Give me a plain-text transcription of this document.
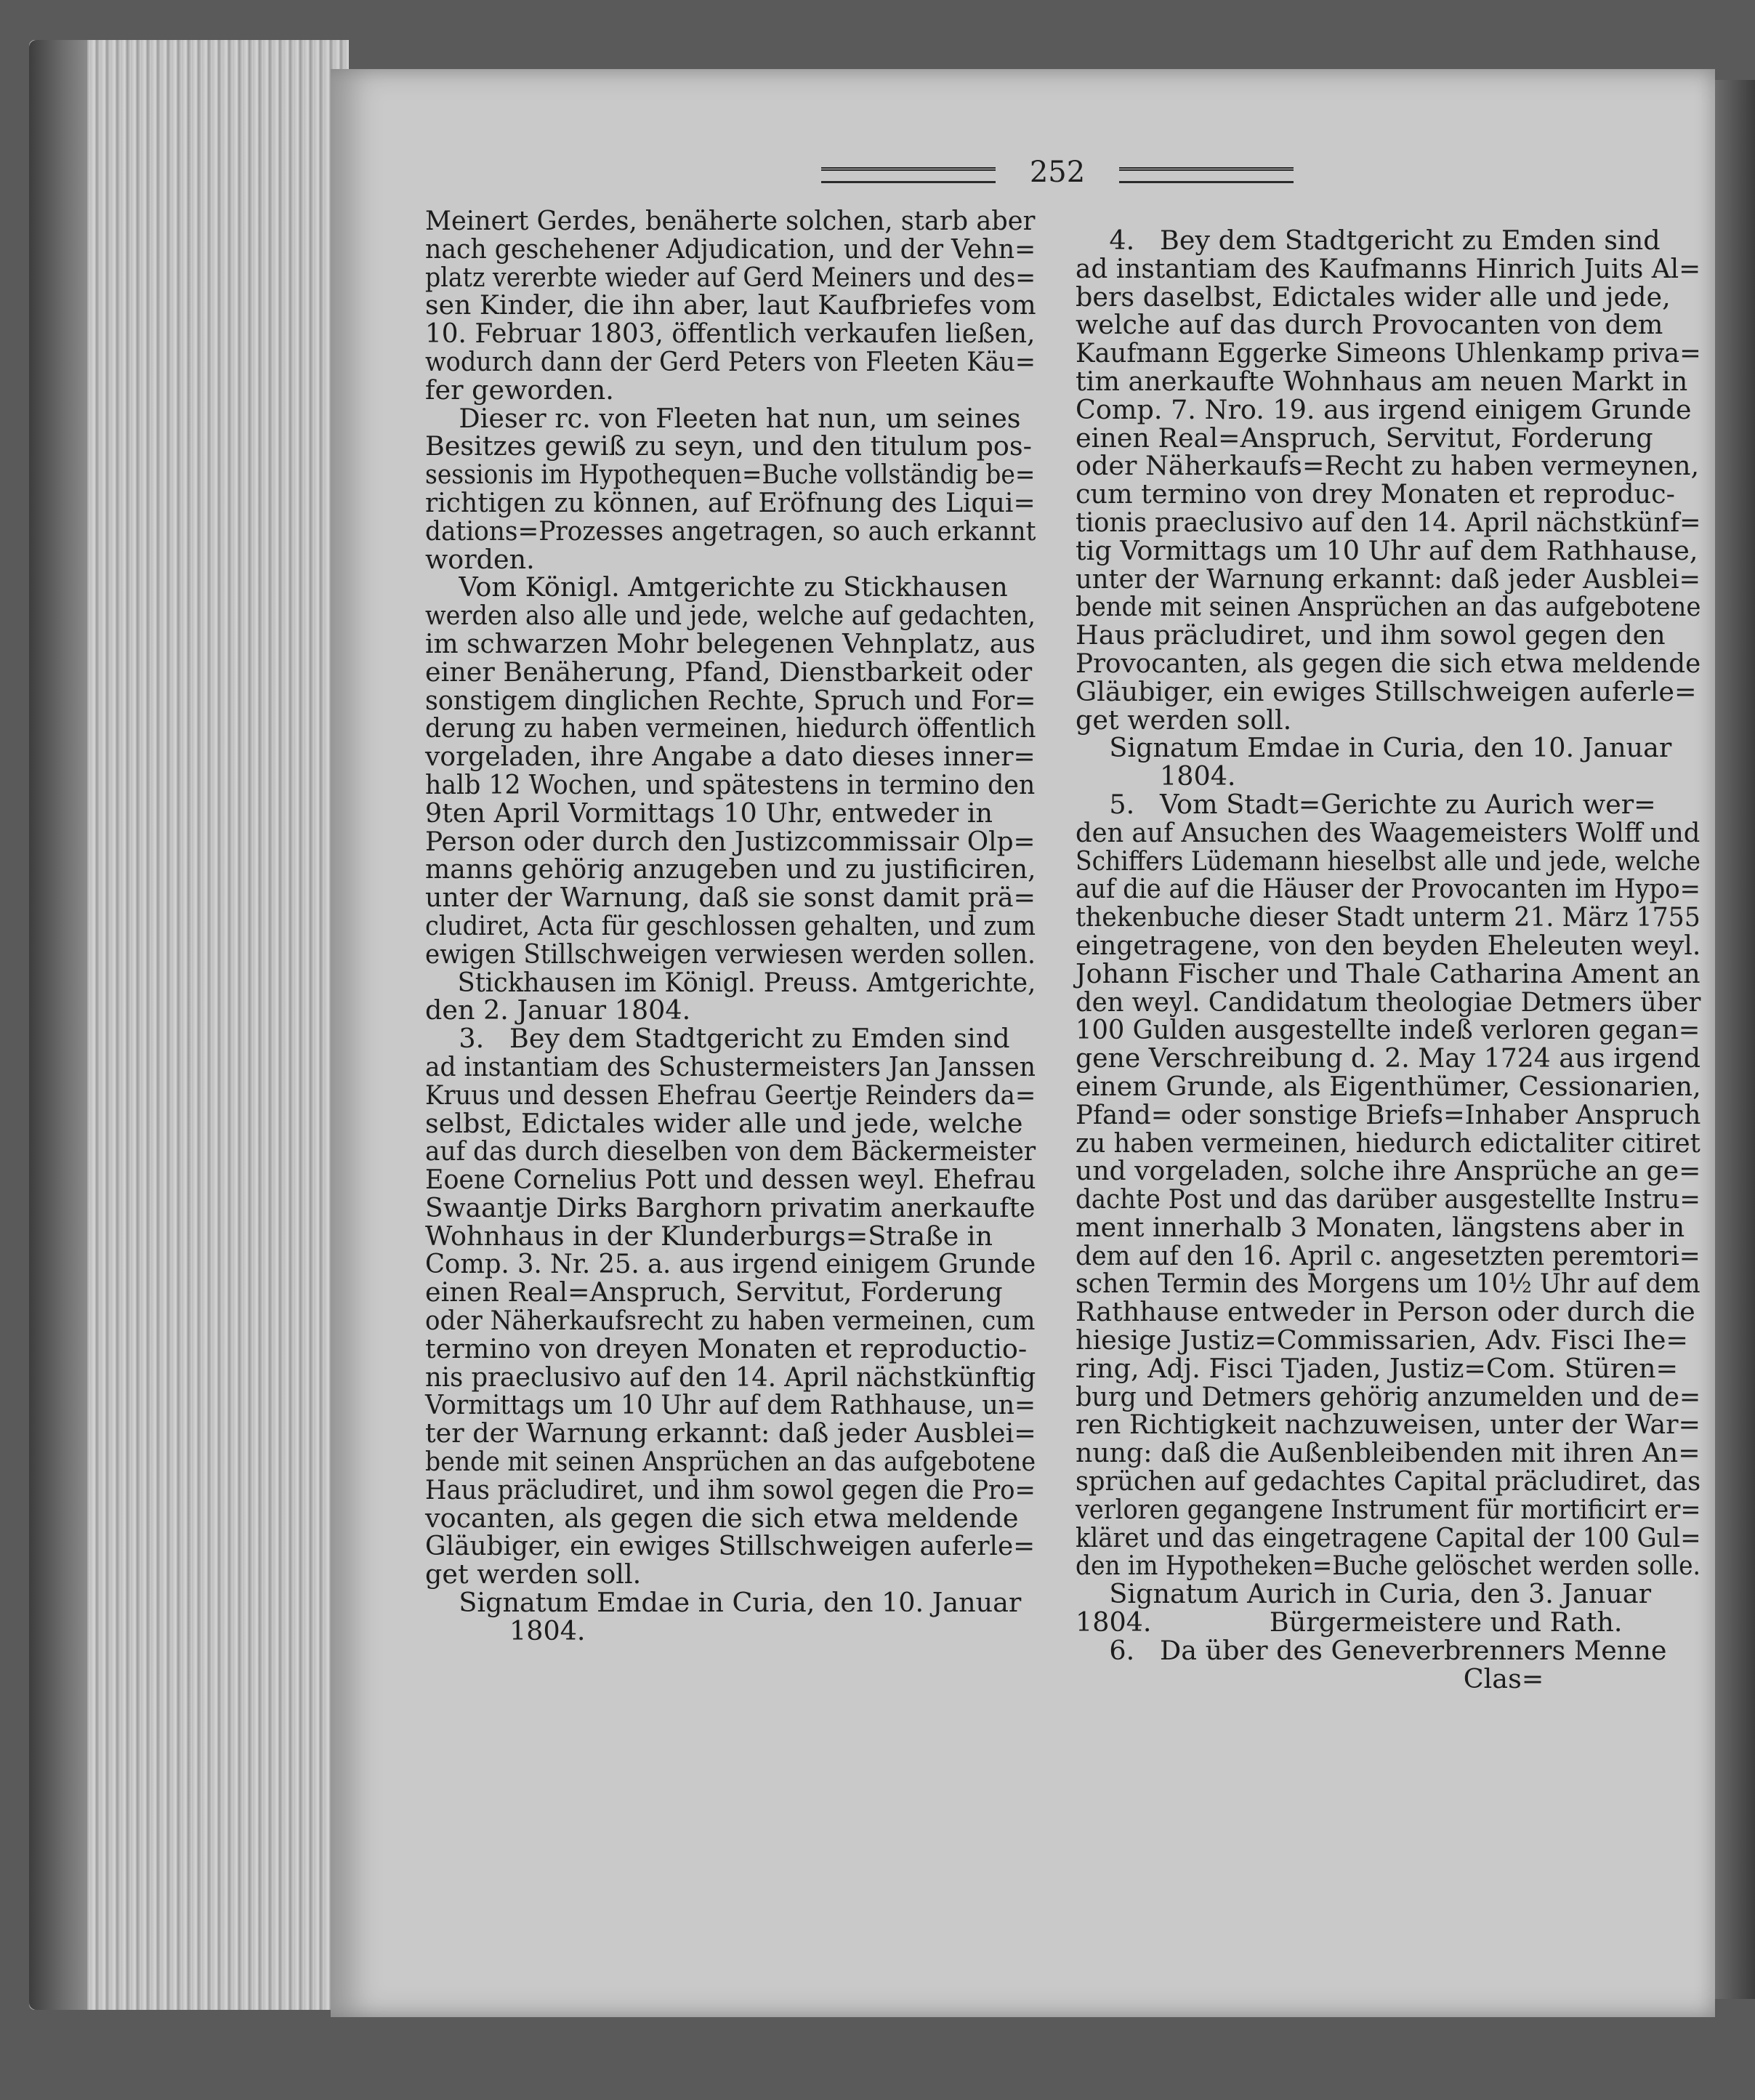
252
Meinert Gerdes, benäherte solchen, starb aber
nach geschehener Adjudication, und der Vehn=
platz vererbte wieder auf Gerd Meiners und des=
sen Kinder, die ihn aber, laut Kaufbriefes vom
10. Februar 1803, öffentlich verkaufen ließen,
wodurch dann der Gerd Peters von Fleeten Käu=
fer geworden.
Dieser rc. von Fleeten hat nun, um seines
Besitzes gewiß zu seyn, und den titulum pos-
sessionis im Hypothequen=Buche vollständig be=
richtigen zu können, auf Eröfnung des Liqui=
dations=Prozesses angetragen, so auch erkannt
worden.
Vom Königl. Amtgerichte zu Stickhausen
werden also alle und jede, welche auf gedachten,
im schwarzen Mohr belegenen Vehnplatz, aus
einer Benäherung, Pfand, Dienstbarkeit oder
sonstigem dinglichen Rechte, Spruch und For=
derung zu haben vermeinen, hiedurch öffentlich
vorgeladen, ihre Angabe a dato dieses inner=
halb 12 Wochen, und spätestens in termino den
9ten April Vormittags 10 Uhr, entweder in
Person oder durch den Justizcommissair Olp=
manns gehörig anzugeben und zu justificiren,
unter der Warnung, daß sie sonst damit prä=
cludiret, Acta für geschlossen gehalten, und zum
ewigen Stillschweigen verwiesen werden sollen.
Stickhausen im Königl. Preuss. Amtgerichte,
den 2. Januar 1804.
3.   Bey dem Stadtgericht zu Emden sind
ad instantiam des Schustermeisters Jan Janssen
Kruus und dessen Ehefrau Geertje Reinders da=
selbst, Edictales wider alle und jede, welche
auf das durch dieselben von dem Bäckermeister
Eoene Cornelius Pott und dessen weyl. Ehefrau
Swaantje Dirks Barghorn privatim anerkaufte
Wohnhaus in der Klunderburgs=Straße in
Comp. 3. Nr. 25. a. aus irgend einigem Grunde
einen Real=Anspruch, Servitut, Forderung
oder Näherkaufsrecht zu haben vermeinen, cum
termino von dreyen Monaten et reproductio-
nis praeclusivo auf den 14. April nächstkünftig
Vormittags um 10 Uhr auf dem Rathhause, un=
ter der Warnung erkannt: daß jeder Ausblei=
bende mit seinen Ansprüchen an das aufgebotene
Haus präcludiret, und ihm sowol gegen die Pro=
vocanten, als gegen die sich etwa meldende
Gläubiger, ein ewiges Stillschweigen auferle=
get werden soll.
Signatum Emdae in Curia, den 10. Januar
1804.
4.   Bey dem Stadtgericht zu Emden sind
ad instantiam des Kaufmanns Hinrich Juits Al=
bers daselbst, Edictales wider alle und jede,
welche auf das durch Provocanten von dem
Kaufmann Eggerke Simeons Uhlenkamp priva=
tim anerkaufte Wohnhaus am neuen Markt in
Comp. 7. Nro. 19. aus irgend einigem Grunde
einen Real=Anspruch, Servitut, Forderung
oder Näherkaufs=Recht zu haben vermeynen,
cum termino von drey Monaten et reproduc-
tionis praeclusivo auf den 14. April nächstkünf=
tig Vormittags um 10 Uhr auf dem Rathhause,
unter der Warnung erkannt: daß jeder Ausblei=
bende mit seinen Ansprüchen an das aufgebotene
Haus präcludiret, und ihm sowol gegen den
Provocanten, als gegen die sich etwa meldende
Gläubiger, ein ewiges Stillschweigen auferle=
get werden soll.
Signatum Emdae in Curia, den 10. Januar
1804.
5.   Vom Stadt=Gerichte zu Aurich wer=
den auf Ansuchen des Waagemeisters Wolff und
Schiffers Lüdemann hieselbst alle und jede, welche
auf die auf die Häuser der Provocanten im Hypo=
thekenbuche dieser Stadt unterm 21. März 1755
eingetragene, von den beyden Eheleuten weyl.
Johann Fischer und Thale Catharina Ament an
den weyl. Candidatum theologiae Detmers über
100 Gulden ausgestellte indeß verloren gegan=
gene Verschreibung d. 2. May 1724 aus irgend
einem Grunde, als Eigenthümer, Cessionarien,
Pfand= oder sonstige Briefs=Inhaber Anspruch
zu haben vermeinen, hiedurch edictaliter citiret
und vorgeladen, solche ihre Ansprüche an ge=
dachte Post und das darüber ausgestellte Instru=
ment innerhalb 3 Monaten, längstens aber in
dem auf den 16. April c. angesetzten peremtori=
schen Termin des Morgens um 10½ Uhr auf dem
Rathhause entweder in Person oder durch die
hiesige Justiz=Commissarien, Adv. Fisci Ihe=
ring, Adj. Fisci Tjaden, Justiz=Com. Stüren=
burg und Detmers gehörig anzumelden und de=
ren Richtigkeit nachzuweisen, unter der War=
nung: daß die Außenbleibenden mit ihren An=
sprüchen auf gedachtes Capital präcludiret, das
verloren gegangene Instrument für mortificirt er=
kläret und das eingetragene Capital der 100 Gul=
den im Hypotheken=Buche gelöschet werden solle.
Signatum Aurich in Curia, den 3. Januar
1804.              Bürgermeistere und Rath.
6.   Da über des Geneverbrenners Menne
Clas=
